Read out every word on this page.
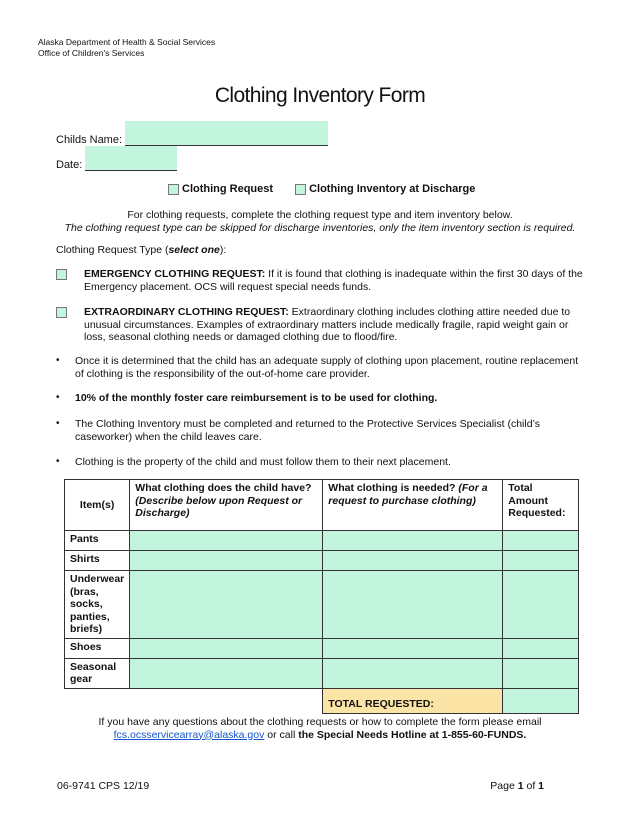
Alaska Department of Health & Social Services
Office of Children's Services
Clothing Inventory Form
Childs Name:
Date:
Clothing Request	Clothing Inventory at Discharge
For clothing requests, complete the clothing request type and item inventory below.
The clothing request type can be skipped for discharge inventories, only the item inventory section is required.
Clothing Request Type (select one):
EMERGENCY CLOTHING REQUEST: If it is found that clothing is inadequate within the first 30 days of the Emergency placement. OCS will request special needs funds.
EXTRAORDINARY CLOTHING REQUEST: Extraordinary clothing includes clothing attire needed due to unusual circumstances. Examples of extraordinary matters include medically fragile, rapid weight gain or loss, seasonal clothing needs or damaged clothing due to flood/fire.
•	Once it is determined that the child has an adequate supply of clothing upon placement, routine replacement of clothing is the responsibility of the out-of-home care provider.
•	10% of the monthly foster care reimbursement is to be used for clothing.
•	The Clothing Inventory must be completed and returned to the Protective Services Specialist (child’s caseworker) when the child leaves care.
•	Clothing is the property of the child and must follow them to their next placement.
Item(s)	What clothing does the child have? (Describe below upon Request or Discharge)	What clothing is needed? (For a request to purchase clothing)	Total Amount Requested:
Pants			
Shirts			
Underwear (bras, socks, panties, briefs)			
Shoes			
Seasonal gear			
		TOTAL REQUESTED:	
If you have any questions about the clothing requests or how to complete the form please email
fcs.ocsservicearray@alaska.gov or call the Special Needs Hotline at 1-855-60-FUNDS.
06-9741 CPS 12/19	Page 1 of 1
